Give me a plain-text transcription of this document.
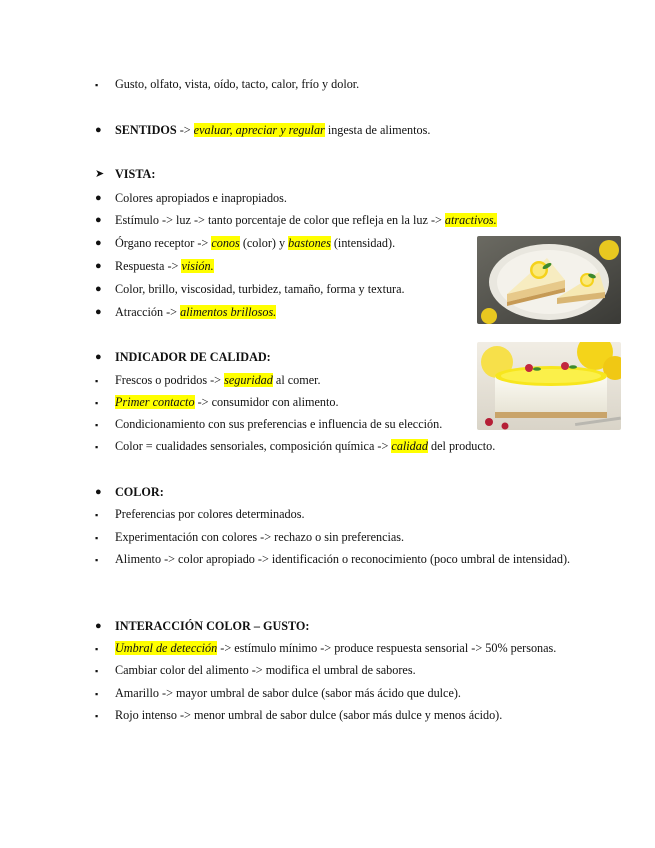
▪	Gusto, olfato, vista, oído, tacto, calor, frío y dolor.
●	SENTIDOS -> evaluar, apreciar y regular ingesta de alimentos.
➤ VISTA:
●	Colores apropiados e inapropiados.
●	Estímulo -> luz -> tanto porcentaje de color que refleja en la luz -> atractivos.
●	Órgano receptor -> conos (color) y bastones (intensidad).
●	Respuesta -> visión.
●	Color, brillo, viscosidad, turbidez, tamaño, forma y textura.
●	Atracción -> alimentos brillosos.
●	INDICADOR DE CALIDAD:
▪	Frescos o podridos -> seguridad al comer.
▪	Primer contacto -> consumidor con alimento.
▪	Condicionamiento con sus preferencias e influencia de su elección.
▪	Color = cualidades sensoriales, composición química -> calidad del producto.
●	COLOR:
▪	Preferencias por colores determinados.
▪	Experimentación con colores -> rechazo o sin preferencias.
▪	Alimento -> color apropiado -> identificación o reconocimiento (poco umbral de intensidad).
●	INTERACCIÓN COLOR – GUSTO:
▪	Umbral de detección -> estímulo mínimo -> produce respuesta sensorial -> 50% personas.
▪	Cambiar color del alimento -> modifica el umbral de sabores.
▪	Amarillo -> mayor umbral de sabor dulce (sabor más ácido que dulce).
▪	Rojo intenso -> menor umbral de sabor dulce (sabor más dulce y menos ácido).
